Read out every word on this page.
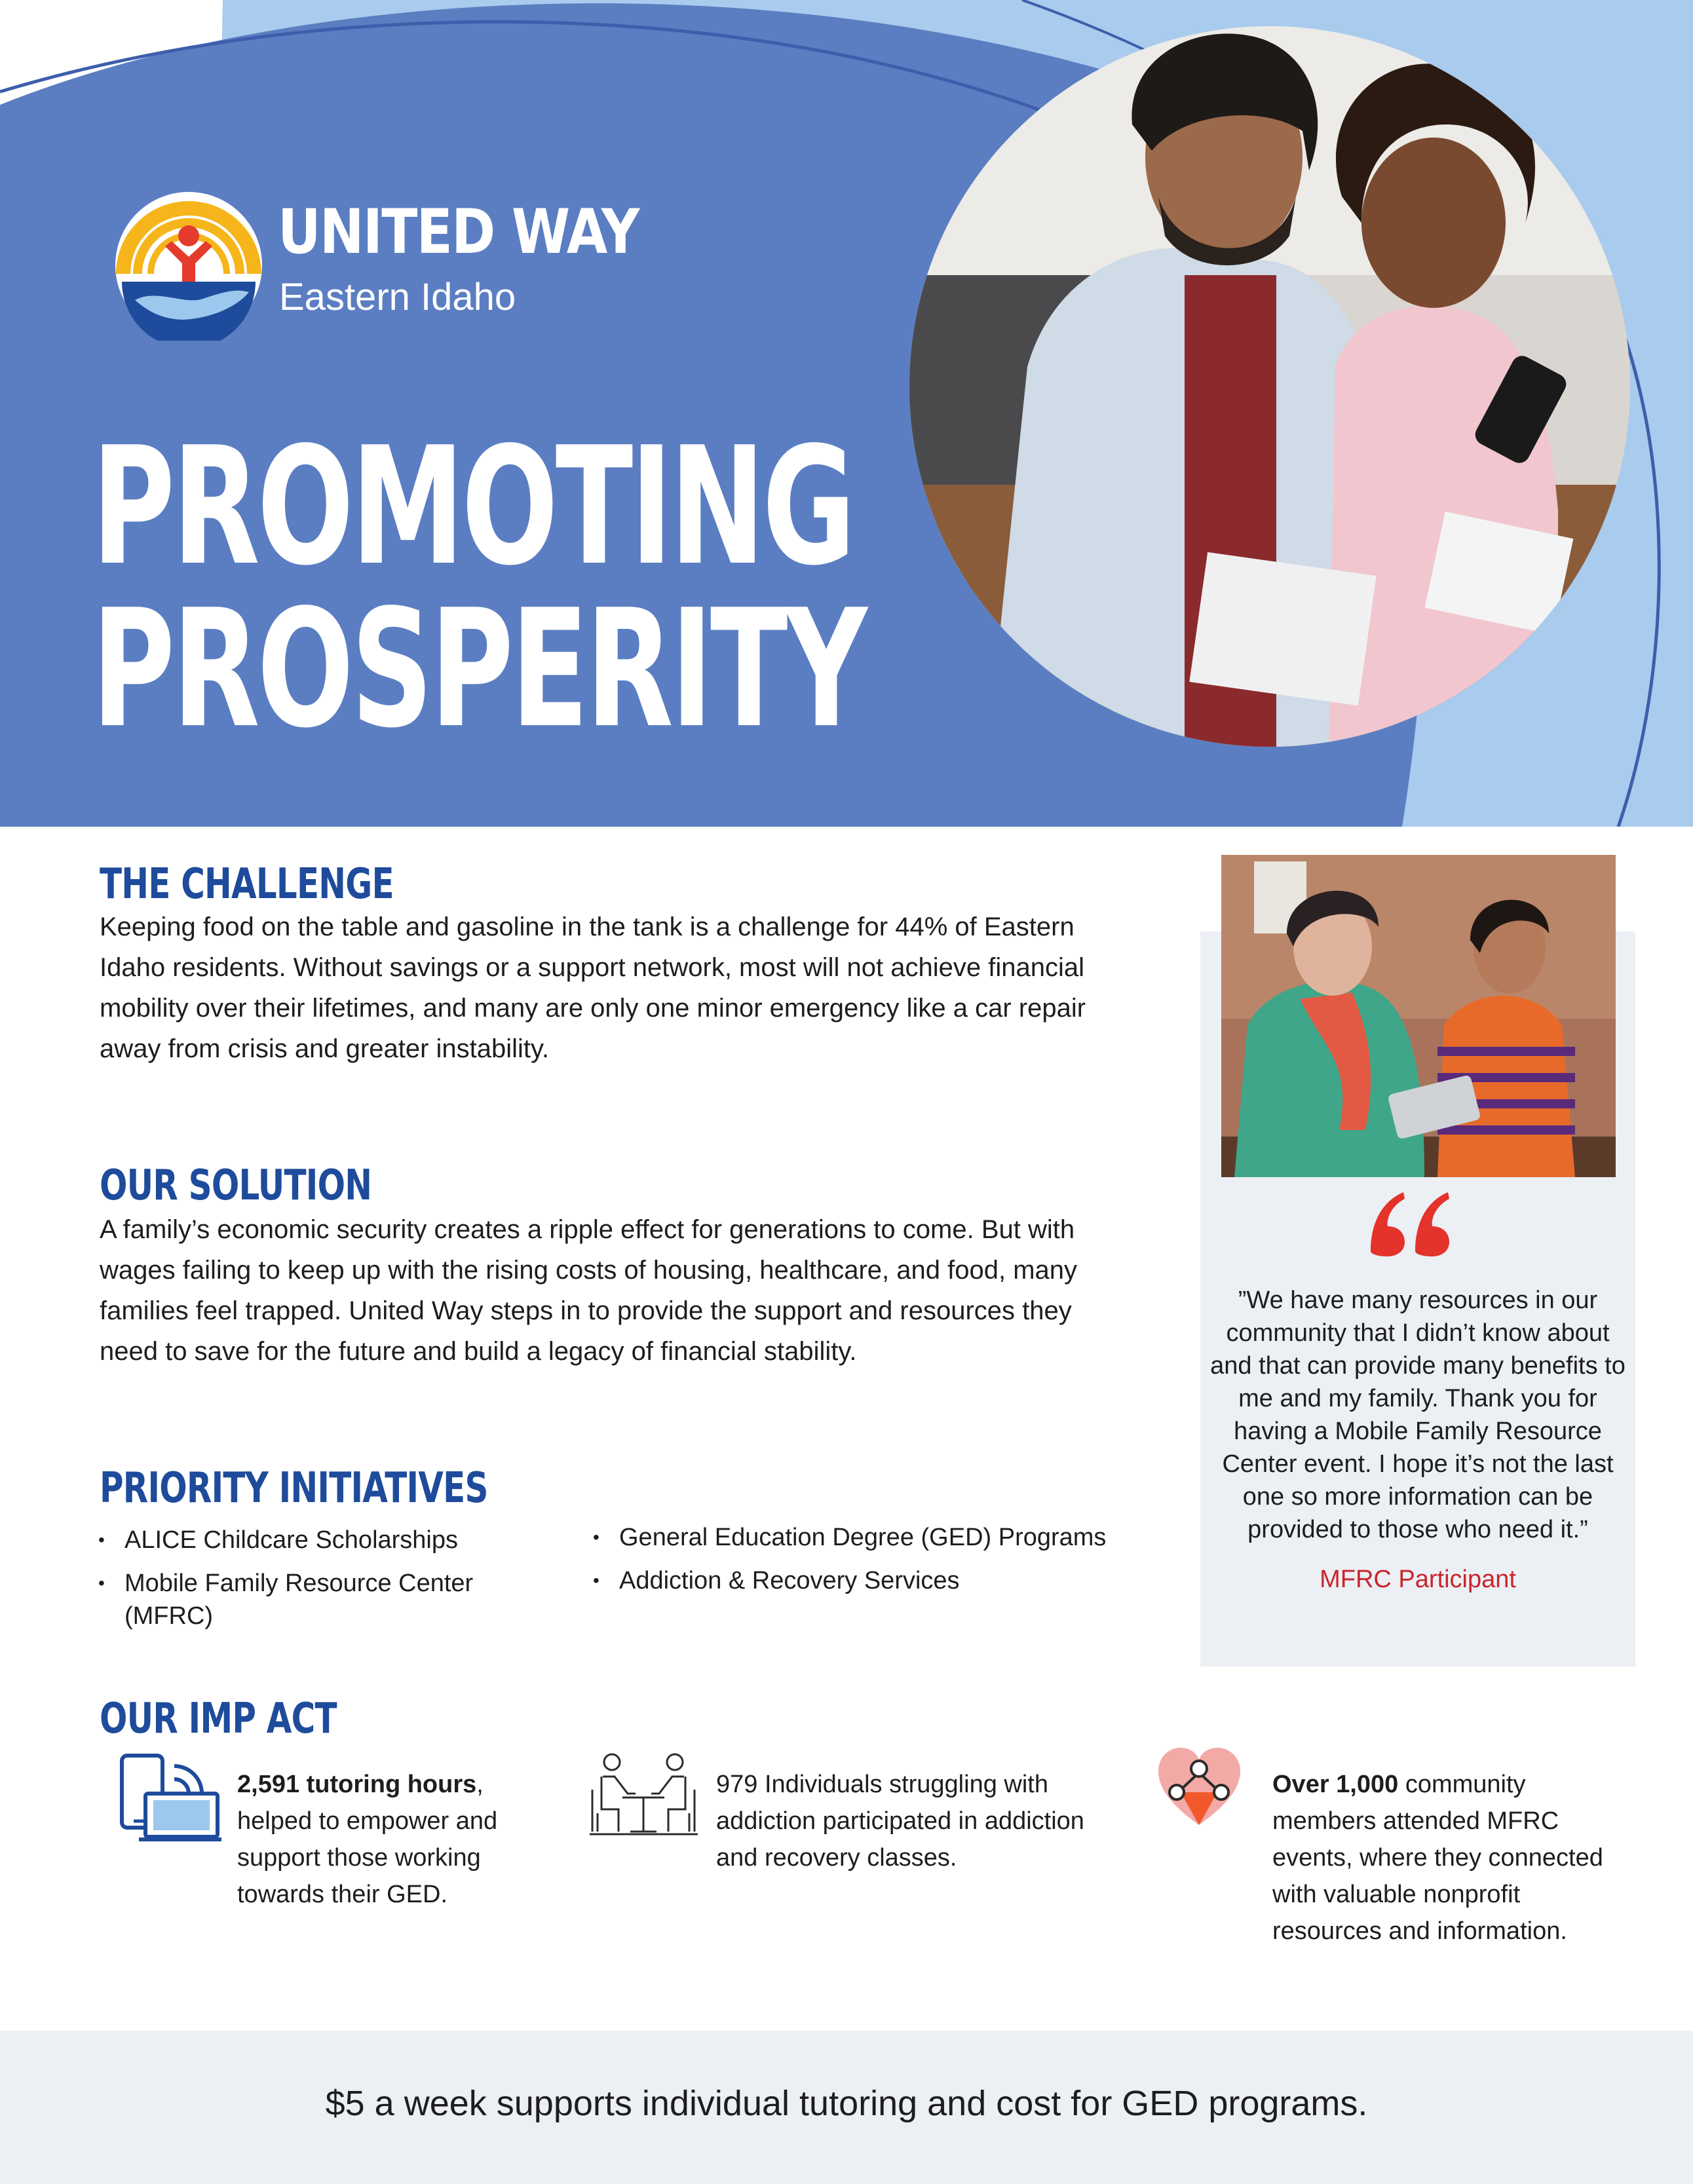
UNITED WAY
Eastern Idaho
PROMOTING
PROSPERITY
THE CHALLENGE
Keeping food on the table and gasoline in the tank is a challenge for 44% of Eastern Idaho residents. Without savings or a support network, most will not achieve financial mobility over their lifetimes, and many are only one minor emergency like a car repair away from crisis and greater instability.
OUR SOLUTION
A family’s economic security creates a ripple effect for generations to come. But with wages failing to keep up with the rising costs of housing, healthcare, and food, many families feel trapped. United Way steps in to provide the support and resources they need to save for the future and build a legacy of financial stability.
PRIORITY INITIATIVES
• ALICE Childcare Scholarships
• Mobile Family Resource Center (MFRC)
• General Education Degree (GED) Programs
• Addiction & Recovery Services
”We have many resources in our community that I didn’t know about and that can provide many benefits to me and my family. Thank you for having a Mobile Family Resource Center event. I hope it’s not the last one so more information can be provided to those who need it.”
MFRC Participant
OUR IMP ACT
2,591 tutoring hours, helped to empower and support those working towards their GED.
979 Individuals struggling with addiction participated in addiction and recovery classes.
Over 1,000 community members attended MFRC events, where they connected with valuable nonprofit resources and information.
$5 a week supports individual tutoring and cost for GED programs.
